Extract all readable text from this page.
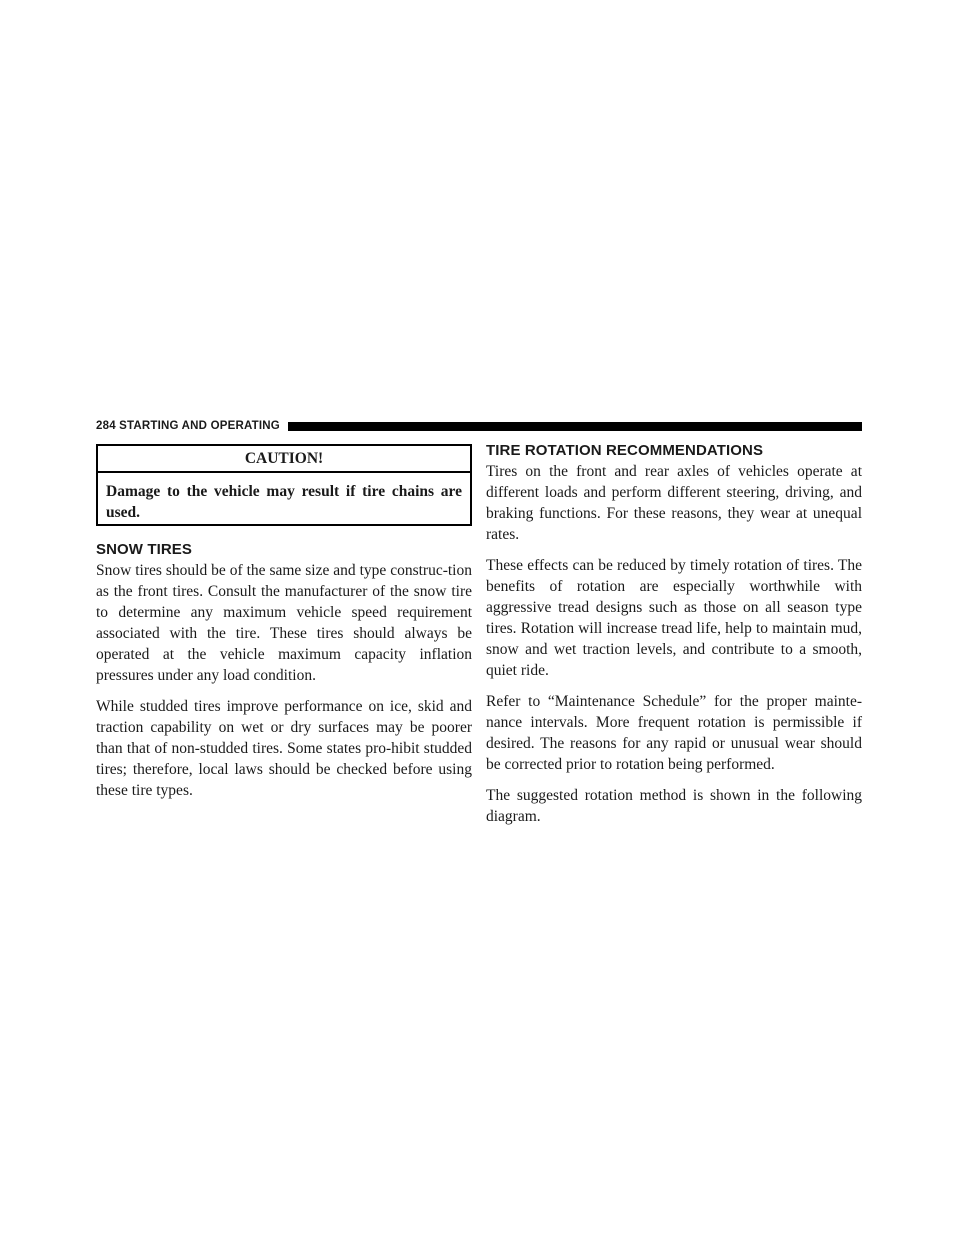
284 STARTING AND OPERATING
CAUTION!
Damage to the vehicle may result if tire chains are used.
SNOW TIRES

Snow tires should be of the same size and type construc-tion as the front tires. Consult the manufacturer of the snow tire to determine any maximum vehicle speed requirement associated with the tire. These tires should always be operated at the vehicle maximum capacity inflation pressures under any load condition.

While studded tires improve performance on ice, skid and traction capability on wet or dry surfaces may be poorer than that of non-studded tires. Some states pro-hibit studded tires; therefore, local laws should be checked before using these tire types.

TIRE ROTATION RECOMMENDATIONS

Tires on the front and rear axles of vehicles operate at different loads and perform different steering, driving, and braking functions. For these reasons, they wear at unequal rates.

These effects can be reduced by timely rotation of tires. The benefits of rotation are especially worthwhile with aggressive tread designs such as those on all season type tires. Rotation will increase tread life, help to maintain mud, snow and wet traction levels, and contribute to a smooth, quiet ride.

Refer to “Maintenance Schedule” for the proper mainte-nance intervals. More frequent rotation is permissible if desired. The reasons for any rapid or unusual wear should be corrected prior to rotation being performed.

The suggested rotation method is shown in the following diagram.
